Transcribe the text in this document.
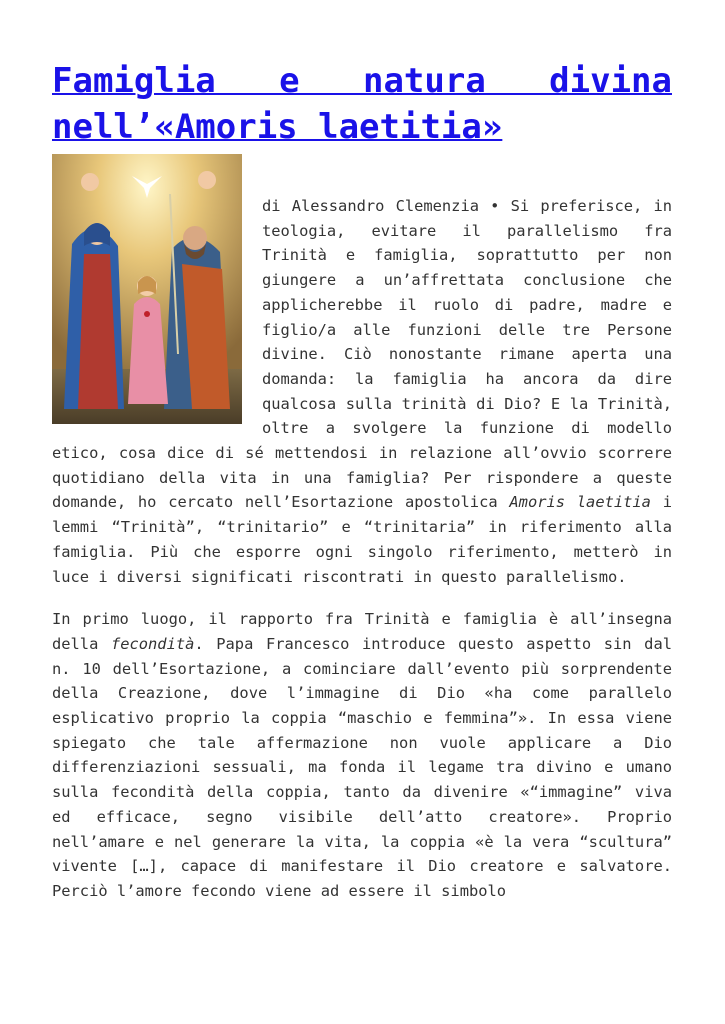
Famiglia e natura divina nell’«Amoris laetitia»

di Alessandro Clemenzia • Si preferisce, in teologia, evitare il parallelismo fra Trinità e famiglia, soprattutto per non giungere a un’affrettata conclusione che applicherebbe il ruolo di padre, madre e figlio/a alle funzioni delle tre Persone divine. Ciò nonostante rimane aperta una domanda: la famiglia ha ancora da dire qualcosa sulla trinità di Dio? E la Trinità, oltre a svolgere la funzione di modello etico, cosa dice di sé mettendosi in relazione all’ovvio scorrere quotidiano della vita in una famiglia? Per rispondere a queste domande, ho cercato nell’Esortazione apostolica Amoris laetitia i lemmi “Trinità”, “trinitario” e “trinitaria” in riferimento alla famiglia. Più che esporre ogni singolo riferimento, metterò in luce i diversi significati riscontrati in questo parallelismo.

In primo luogo, il rapporto fra Trinità e famiglia è all’insegna della fecondità. Papa Francesco introduce questo aspetto sin dal n. 10 dell’Esortazione, a cominciare dall’evento più sorprendente della Creazione, dove l’immagine di Dio «ha come parallelo esplicativo proprio la coppia “maschio e femmina”». In essa viene spiegato che tale affermazione non vuole applicare a Dio differenziazioni sessuali, ma fonda il legame tra divino e umano sulla fecondità della coppia, tanto da divenire «“immagine” viva ed efficace, segno visibile dell’atto creatore». Proprio nell’amare e nel generare la vita, la coppia «è la vera “scultura” vivente […], capace di manifestare il Dio creatore e salvatore. Perciò l’amore fecondo viene ad essere il simbolo
